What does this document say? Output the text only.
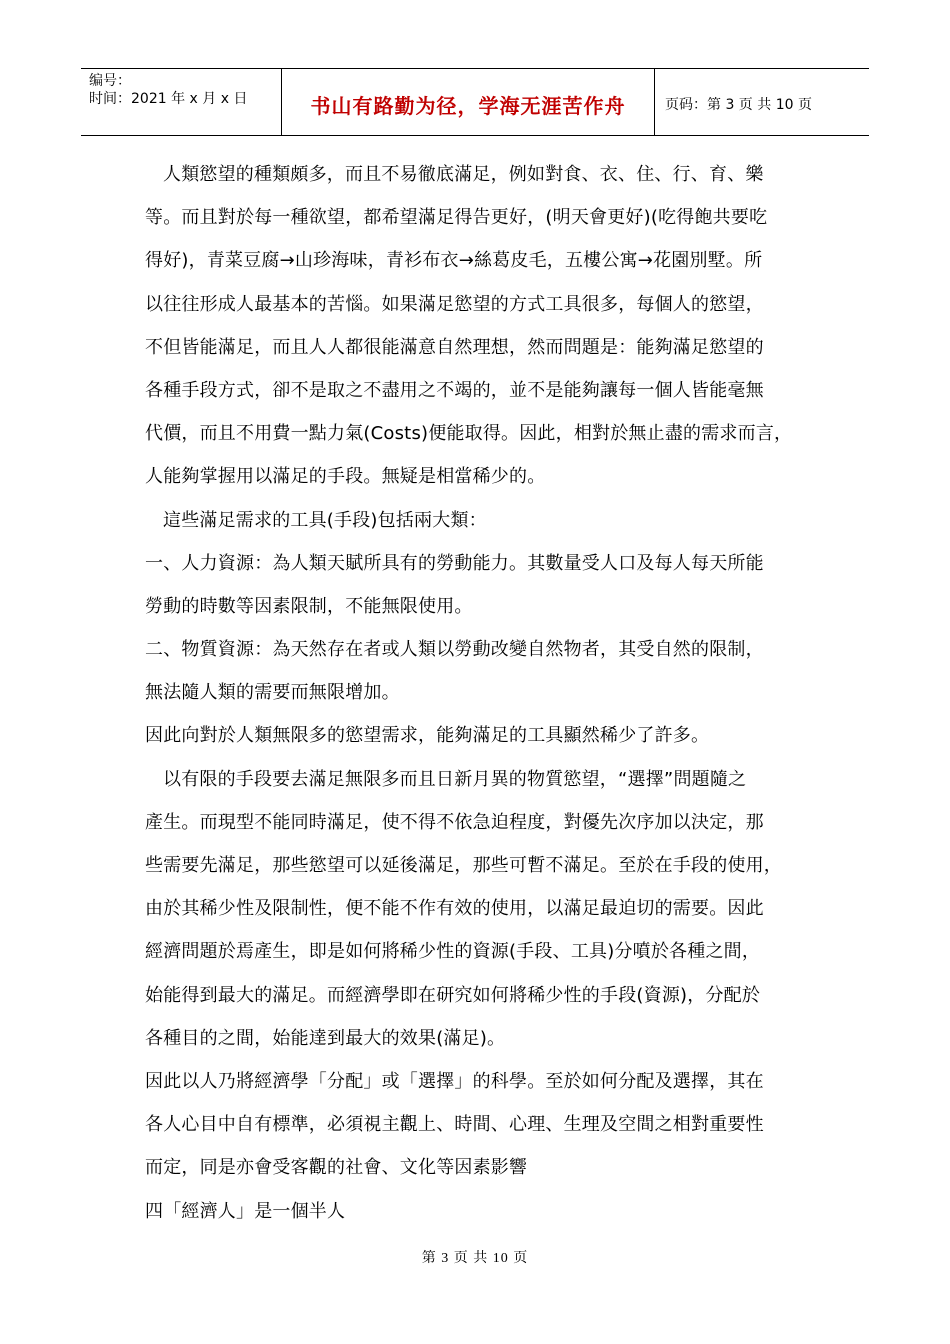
编号：
时间：2021 年 x 月 x 日	书山有路勤为径，学海无涯苦作舟	页码：第 3 页 共 10 页
人類慾望的種類頗多，而且不易徹底滿足，例如對食、衣、住、行、育、樂
等。而且對於每一種欲望，都希望滿足得告更好，(明天會更好)(吃得飽共要吃
得好)，青菜豆腐→山珍海味，青衫布衣→絲葛皮毛，五樓公寓→花園別墅。所
以往往形成人最基本的苦惱。如果滿足慾望的方式工具很多，每個人的慾望，
不但皆能滿足，而且人人都很能滿意自然理想，然而問題是：能夠滿足慾望的
各種手段方式，卻不是取之不盡用之不竭的，並不是能夠讓每一個人皆能毫無
代價，而且不用費一點力氣(Costs)便能取得。因此，相對於無止盡的需求而言，
人能夠掌握用以滿足的手段。無疑是相當稀少的。
這些滿足需求的工具(手段)包括兩大類：
一、人力資源：為人類天賦所具有的勞動能力。其數量受人口及每人每天所能
勞動的時數等因素限制，不能無限使用。
二、物質資源：為天然存在者或人類以勞動改變自然物者，其受自然的限制，
無法隨人類的需要而無限增加。
因此向對於人類無限多的慾望需求，能夠滿足的工具顯然稀少了許多。
以有限的手段要去滿足無限多而且日新月異的物質慾望，“選擇”問題隨之
產生。而現型不能同時滿足，使不得不依急迫程度，對優先次序加以決定，那
些需要先滿足，那些慾望可以延後滿足，那些可暫不滿足。至於在手段的使用，
由於其稀少性及限制性，便不能不作有效的使用，以滿足最迫切的需要。因此
經濟問題於焉產生，即是如何將稀少性的資源(手段、工具)分噴於各種之間，
始能得到最大的滿足。而經濟學即在研究如何將稀少性的手段(資源)，分配於
各種目的之間，始能達到最大的效果(滿足)。
因此以人乃將經濟學「分配」或「選擇」的科學。至於如何分配及選擇，其在
各人心目中自有標準，必須視主觀上、時間、心理、生理及空間之相對重要性
而定，同是亦會受客觀的社會、文化等因素影響
四「經濟人」是一個半人
第 3 页 共 10 页
